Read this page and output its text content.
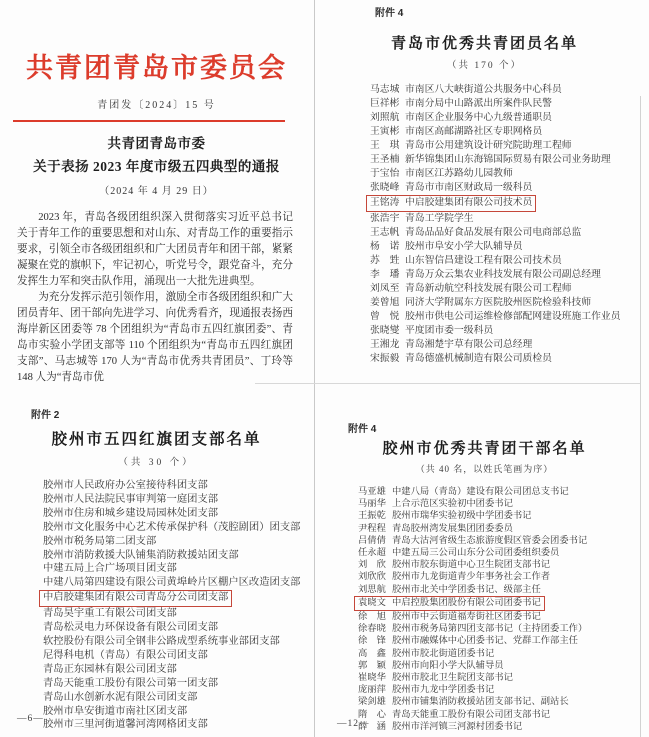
共青团青岛市委员会
青团发〔2024〕15 号
共青团青岛市委
关于表扬 2023 年度市级五四典型的通报
（2024 年 4 月 29 日）

2023 年，青岛各级团组织深入贯彻落实习近平总书记关于青年工作的重要思想和对山东、对青岛工作的重要指示要求，引领全市各级团组织和广大团员青年和团干部，紧紧凝聚在党的旗帜下，牢记初心，听党号令，跟党奋斗，充分发挥生力军和突击队作用，涌现出一大批先进典型。

为充分发挥示范引领作用，激励全市各级团组织和广大团员青年、团干部向先进学习、向优秀看齐，现通报表扬西海岸新区团委等 78 个团组织为“青岛市五四红旗团委”、青岛市实验小学团支部等 110 个团组织为“青岛市五四红旗团支部”、马志城等 170 人为“青岛市优秀共青团员”、丁玲等 148 人为“青岛市优

附件 4
青岛市优秀共青团员名单
（共 170 个）
马志城 市南区八大峡街道公共服务中心科员
巨祥彬 市南分局中山路派出所案件队民警
刘照航 市南区企业服务中心九级普通职员
王寅彬 市南区高邮湖路社区专职网格员
王　琪 青岛市公用建筑设计研究院助理工程师
王圣楠 新华锦集团山东海锦国际贸易有限公司业务助理
于宝怡 市南区江苏路幼儿园教师
张晓峰 青岛市市南区财政局一级科员
王铭涛 中启胶建集团有限公司技术员
张浩宇 青岛工学院学生
王志帆 青岛品品好食品发展有限公司电商部总监
杨　诺 胶州市阜安小学大队辅导员
苏　甡 山东智信昌建设工程有限公司技术员
李　璠 青岛万众云集农业科技发展有限公司副总经理
刘凤至 青岛新动航空科技发展有限公司工程师
姜曾旭 同济大学附属东方医院胶州医院检验科技师
曾　悦 胶州市供电公司运维检修部配网建设班施工作业员
张晓燮 平度团市委一级科员
王湘龙 青岛湘楚宇草有限公司总经理
宋振毅 青岛德盛机械制造有限公司质检员
附件 2
胶州市五四红旗团支部名单
（共 30 个）
胶州市人民政府办公室接待科团支部
胶州市人民法院民事审判第一庭团支部
胶州市住房和城乡建设局园林处团支部
胶州市文化服务中心艺术传承保护科（茂腔剧团）团支部
胶州市税务局第二团支部
胶州市消防救援大队铺集消防救援站团支部
中建五局上合广场项目团支部
中建八局第四建设有限公司黄埠岭片区棚户区改造团支部
中启胶建集团有限公司青岛分公司团支部
青岛昊宇重工有限公司团支部
青岛松灵电力环保设备有限公司团支部
软控股份有限公司全钢非公路成型系统事业部团支部
尼得科电机（青岛）有限公司团支部
青岛正东园林有限公司团支部
青岛天能重工股份有限公司第一团支部
青岛山水创新水泥有限公司团支部
胶州市阜安街道市南社区团支部
胶州市三里河街道馨河湾网格团支部
—6—
附件 4
胶州市优秀共青团干部名单
（共 40 名，以姓氏笔画为序）
马亚雄 中建八局（青岛）建设有限公司团总支书记
马丽华 上合示范区实验初中团委书记
王振乾 胶州市瑞华实验初级中学团委书记
尹程程 青岛胶州湾发展集团团委委员
吕倩倩 青岛大沽河省级生态旅游度假区管委会团委书记
任永超 中建五局三公司山东分公司团委组织委员
刘　欣 胶州市胶东街道中心卫生院团支部书记
刘欣欣 胶州市九龙街道青少年事务社会工作者
刘思航 胶州市北关中学团委书记、级部主任
袁晓文 中启控股集团股份有限公司团委书记
徐　旭 胶州市中云街道福寿街社区团委书记
徐春晓 胶州市税务局第四团支部书记（主持团委工作）
徐　锋 胶州市融媒体中心团委书记、党群工作部主任
高　鑫 胶州市胶北街道团委书记
郭　颖 胶州市向阳小学大队辅导员
崔晓华 胶州市胶北卫生院团支部书记
庞丽萍 胶州市九龙中学团委书记
梁剑雄 胶州市铺集消防救援站团支部书记、副站长
隋　心 青岛天能重工股份有限公司团支部书记
薛　涵 胶州市洋河镇三河源村团委书记
—12—
